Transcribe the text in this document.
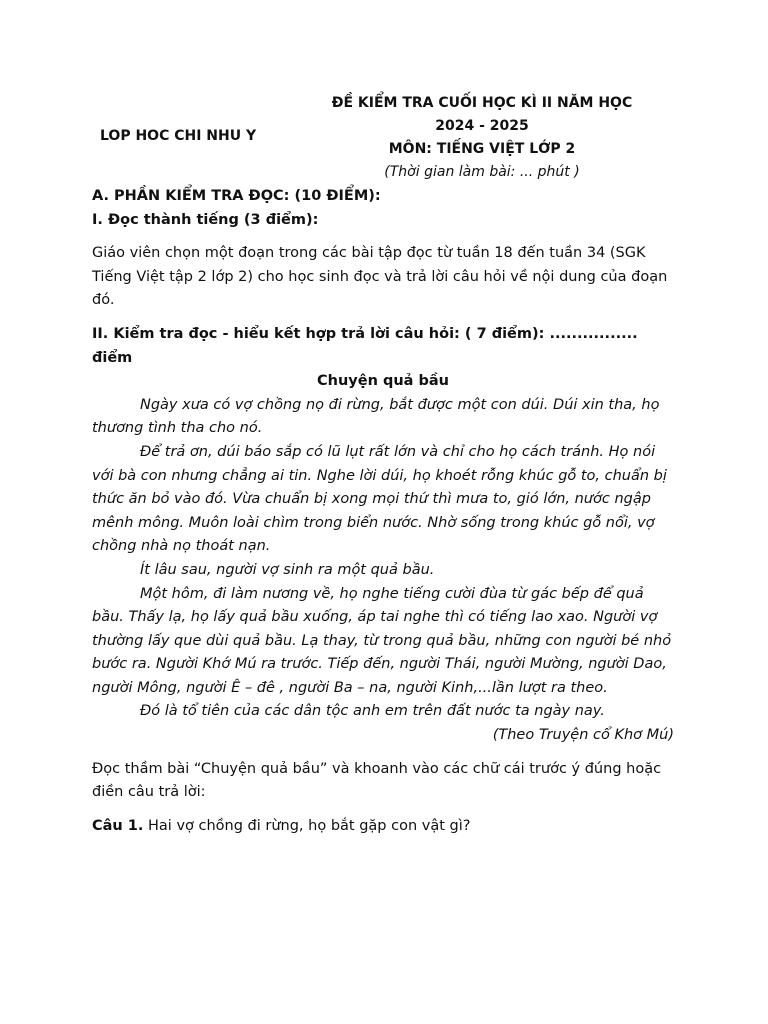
LOP HOC CHI NHU Y
ĐỀ KIỂM TRA CUỐI HỌC KÌ II NĂM HỌC
2024 - 2025
MÔN: TIẾNG VIỆT LỚP 2
(Thời gian làm bài: ... phút )
A. PHẦN KIỂM TRA ĐỌC: (10 ĐIỂM):
I. Đọc thành tiếng (3 điểm):

Giáo viên chọn một đoạn trong các bài tập đọc từ tuần 18 đến tuần 34 (SGK Tiếng Việt tập 2 lớp 2) cho học sinh đọc và trả lời câu hỏi về nội dung của đoạn đó.

II. Kiểm tra đọc - hiểu kết hợp trả lời câu hỏi: ( 7 điểm): ................ điểm
Chuyện quả bầu

Ngày xưa có vợ chồng nọ đi rừng, bắt được một con dúi. Dúi xin tha, họ thương tình tha cho nó.

Để trả ơn, dúi báo sắp có lũ lụt rất lớn và chỉ cho họ cách tránh. Họ nói với bà con nhưng chẳng ai tin. Nghe lời dúi, họ khoét rỗng khúc gỗ to, chuẩn bị thức ăn bỏ vào đó. Vừa chuẩn bị xong mọi thứ thì mưa to, gió lớn, nước ngập mênh mông. Muôn loài chìm trong biển nước. Nhờ sống trong khúc gỗ nổi, vợ chồng nhà nọ thoát nạn.

Ít lâu sau, người vợ sinh ra một quả bầu.

Một hôm, đi làm nương về, họ nghe tiếng cười đùa từ gác bếp để quả bầu. Thấy lạ, họ lấy quả bầu xuống, áp tai nghe thì có tiếng lao xao. Người vợ thường lấy que dùi quả bầu. Lạ thay, từ trong quả bầu, những con người bé nhỏ bước ra. Người Khớ Mú ra trước. Tiếp đến, người Thái, người Mường, người Dao, người Mông, người Ê – đê , người Ba – na, người Kinh,...lần lượt ra theo.

Đó là tổ tiên của các dân tộc anh em trên đất nước ta ngày nay.

(Theo Truyện cổ Khơ Mú)

Đọc thầm bài “Chuyện quả bầu” và khoanh vào các chữ cái trước ý đúng hoặc điền câu trả lời:

Câu 1. Hai vợ chồng đi rừng, họ bắt gặp con vật gì?
